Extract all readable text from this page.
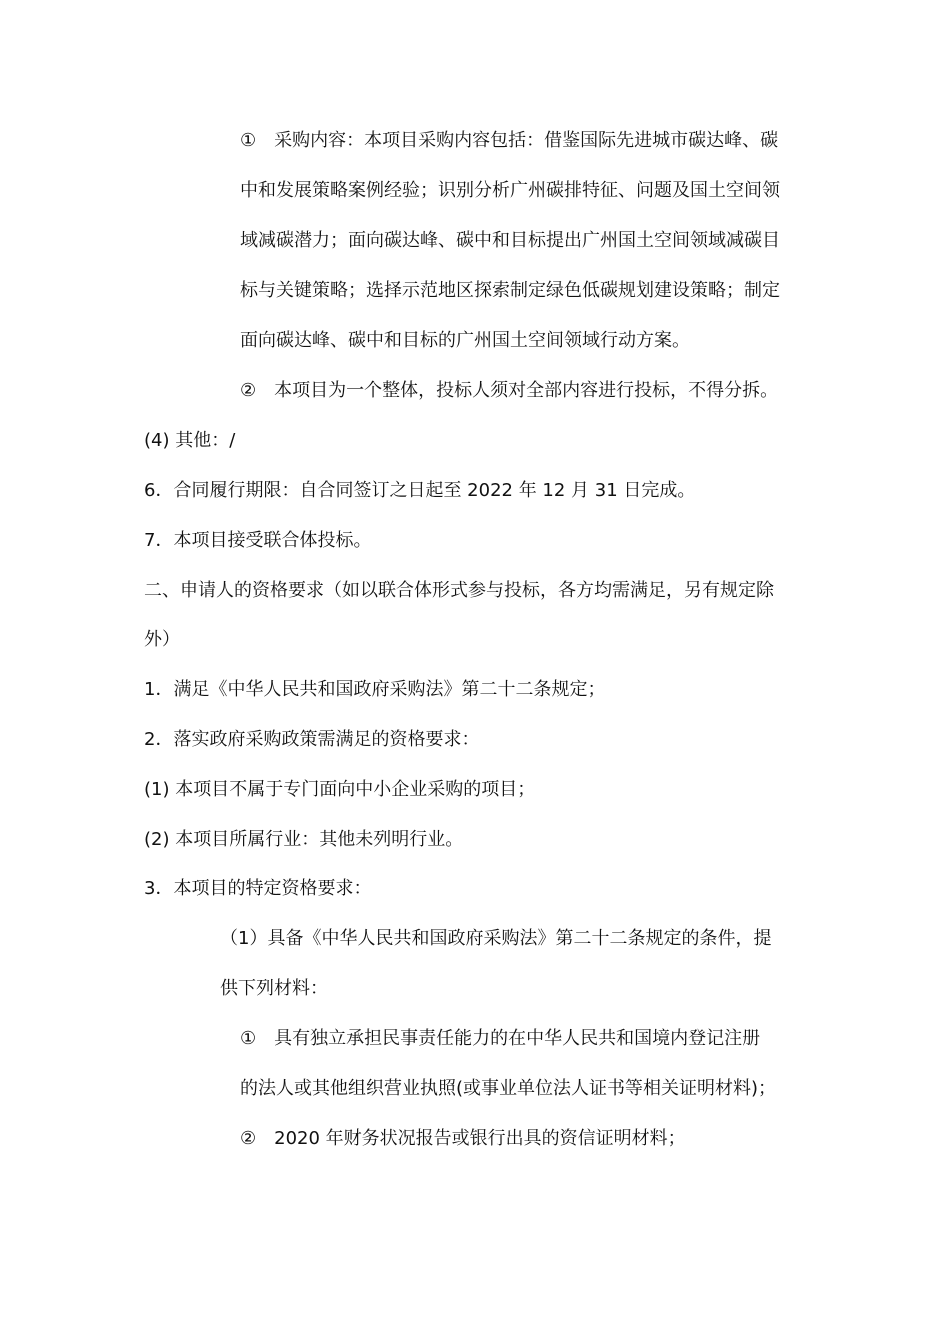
①　采购内容：本项目采购内容包括：借鉴国际先进城市碳达峰、碳
中和发展策略案例经验；识别分析广州碳排特征、问题及国土空间领
域减碳潜力；面向碳达峰、碳中和目标提出广州国土空间领域减碳目
标与关键策略；选择示范地区探索制定绿色低碳规划建设策略；制定
面向碳达峰、碳中和目标的广州国土空间领域行动方案。
②　本项目为一个整体，投标人须对全部内容进行投标，不得分拆。
(4) 其他：/
6．合同履行期限：自合同签订之日起至 2022 年 12 月 31 日完成。
7．本项目接受联合体投标。
二、申请人的资格要求（如以联合体形式参与投标，各方均需满足，另有规定除
外）
1．满足《中华人民共和国政府采购法》第二十二条规定；
2．落实政府采购政策需满足的资格要求：
(1) 本项目不属于专门面向中小企业采购的项目；
(2) 本项目所属行业：其他未列明行业。
3．本项目的特定资格要求：
（1）具备《中华人民共和国政府采购法》第二十二条规定的条件，提
供下列材料：
①　具有独立承担民事责任能力的在中华人民共和国境内登记注册
的法人或其他组织营业执照(或事业单位法人证书等相关证明材料)；
②　2020 年财务状况报告或银行出具的资信证明材料；
